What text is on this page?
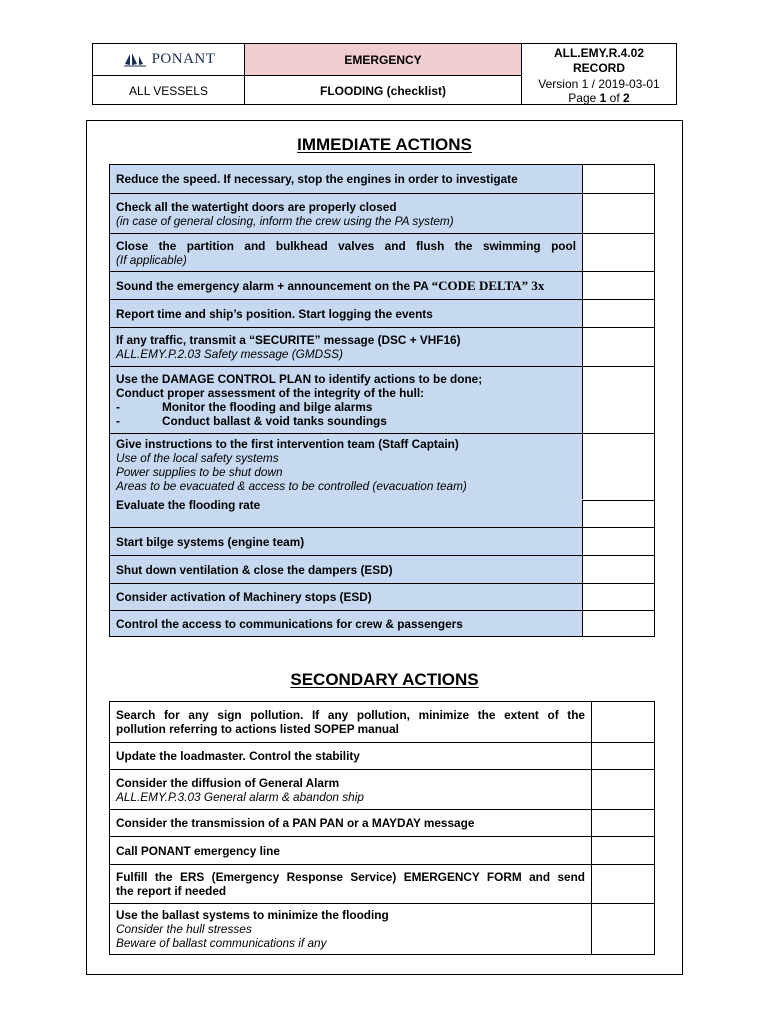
PONANT	EMERGENCY	ALL.EMY.R.4.02
RECORD
ALL VESSELS	FLOODING (checklist)	Version 1 / 2019-03-01
Page 1 of 2
IMMEDIATE ACTIONS
Reduce the speed. If necessary, stop the engines in order to investigate
Check all the watertight doors are properly closed
(in case of general closing, inform the crew using the PA system)
Close the partition and bulkhead valves and flush the swimming pool
(If applicable)
Sound the emergency alarm + announcement on the PA “CODE DELTA” 3x
Report time and ship’s position. Start logging the events
If any traffic, transmit a “SECURITE” message (DSC + VHF16)
ALL.EMY.P.2.03 Safety message (GMDSS)
Use the DAMAGE CONTROL PLAN to identify actions to be done;
Conduct proper assessment of the integrity of the hull:
-	Monitor the flooding and bilge alarms
-	Conduct ballast & void tanks soundings
Give instructions to the first intervention team (Staff Captain)
Use of the local safety systems
Power supplies to be shut down
Areas to be evacuated & access to be controlled (evacuation team)
Evaluate the flooding rate
Start bilge systems (engine team)
Shut down ventilation & close the dampers (ESD)
Consider activation of Machinery stops (ESD)
Control the access to communications for crew & passengers
SECONDARY ACTIONS
Search for any sign pollution. If any pollution, minimize the extent of the
pollution referring to actions listed SOPEP manual
Update the loadmaster. Control the stability
Consider the diffusion of General Alarm
ALL.EMY.P.3.03 General alarm & abandon ship
Consider the transmission of a PAN PAN or a MAYDAY message
Call PONANT emergency line
Fulfill the ERS (Emergency Response Service) EMERGENCY FORM and send
the report if needed
Use the ballast systems to minimize the flooding
Consider the hull stresses
Beware of ballast communications if any
